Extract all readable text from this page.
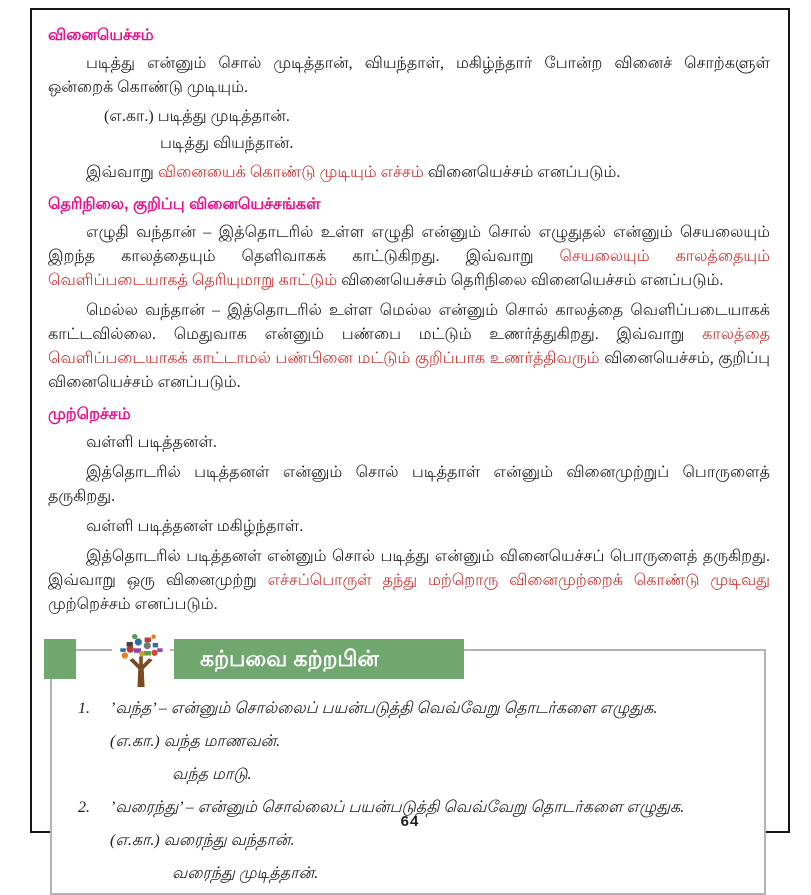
வினையெச்சம்

படித்து என்னும் சொல் முடித்தான், வியந்தாள், மகிழ்ந்தார் போன்ற வினைச் சொற்களுள் ஒன்றைக் கொண்டு முடியும்.

(எ.கா.) படித்து முடித்தான்.

படித்து வியந்தான்.

இவ்வாறு வினையைக் கொண்டு முடியும் எச்சம் வினையெச்சம் எனப்படும்.

தெரிநிலை, குறிப்பு வினையெச்சங்கள்

எழுதி வந்தான் – இத்தொடரில் உள்ள எழுதி என்னும் சொல் எழுதுதல் என்னும் செயலையும் இறந்த காலத்தையும் தெளிவாகக் காட்டுகிறது. இவ்வாறு செயலையும் காலத்தையும் வெளிப்படையாகத் தெரியுமாறு காட்டும் வினையெச்சம் தெரிநிலை வினையெச்சம் எனப்படும்.

மெல்ல வந்தான் – இத்தொடரில் உள்ள மெல்ல என்னும் சொல் காலத்தை வெளிப்படையாகக் காட்டவில்லை. மெதுவாக என்னும் பண்பை மட்டும் உணர்த்துகிறது. இவ்வாறு காலத்தை வெளிப்படையாகக் காட்டாமல் பண்பினை மட்டும் குறிப்பாக உணர்த்திவரும் வினையெச்சம், குறிப்பு வினையெச்சம் எனப்படும்.

முற்றெச்சம்

வள்ளி படித்தனள்.

இத்தொடரில் படித்தனள் என்னும் சொல் படித்தாள் என்னும் வினைமுற்றுப் பொருளைத் தருகிறது.

வள்ளி படித்தனள் மகிழ்ந்தாள்.

இத்தொடரில் படித்தனள் என்னும் சொல் படித்து என்னும் வினையெச்சப் பொருளைத் தருகிறது. இவ்வாறு ஒரு வினைமுற்று எச்சப்பொருள் தந்து மற்றொரு வினைமுற்றைக் கொண்டு முடிவது முற்றெச்சம் எனப்படும்.

கற்பவை கற்றபின்
1.	’வந்த’ – என்னும் சொல்லைப் பயன்படுத்தி வெவ்வேறு தொடர்களை எழுதுக.
(எ.கா.) வந்த மாணவன்.
வந்த மாடு.
2.	’வரைந்து’ – என்னும் சொல்லைப் பயன்படுத்தி வெவ்வேறு தொடர்களை எழுதுக.
(எ.கா.) வரைந்து வந்தான்.
வரைந்து முடித்தான்.
64
